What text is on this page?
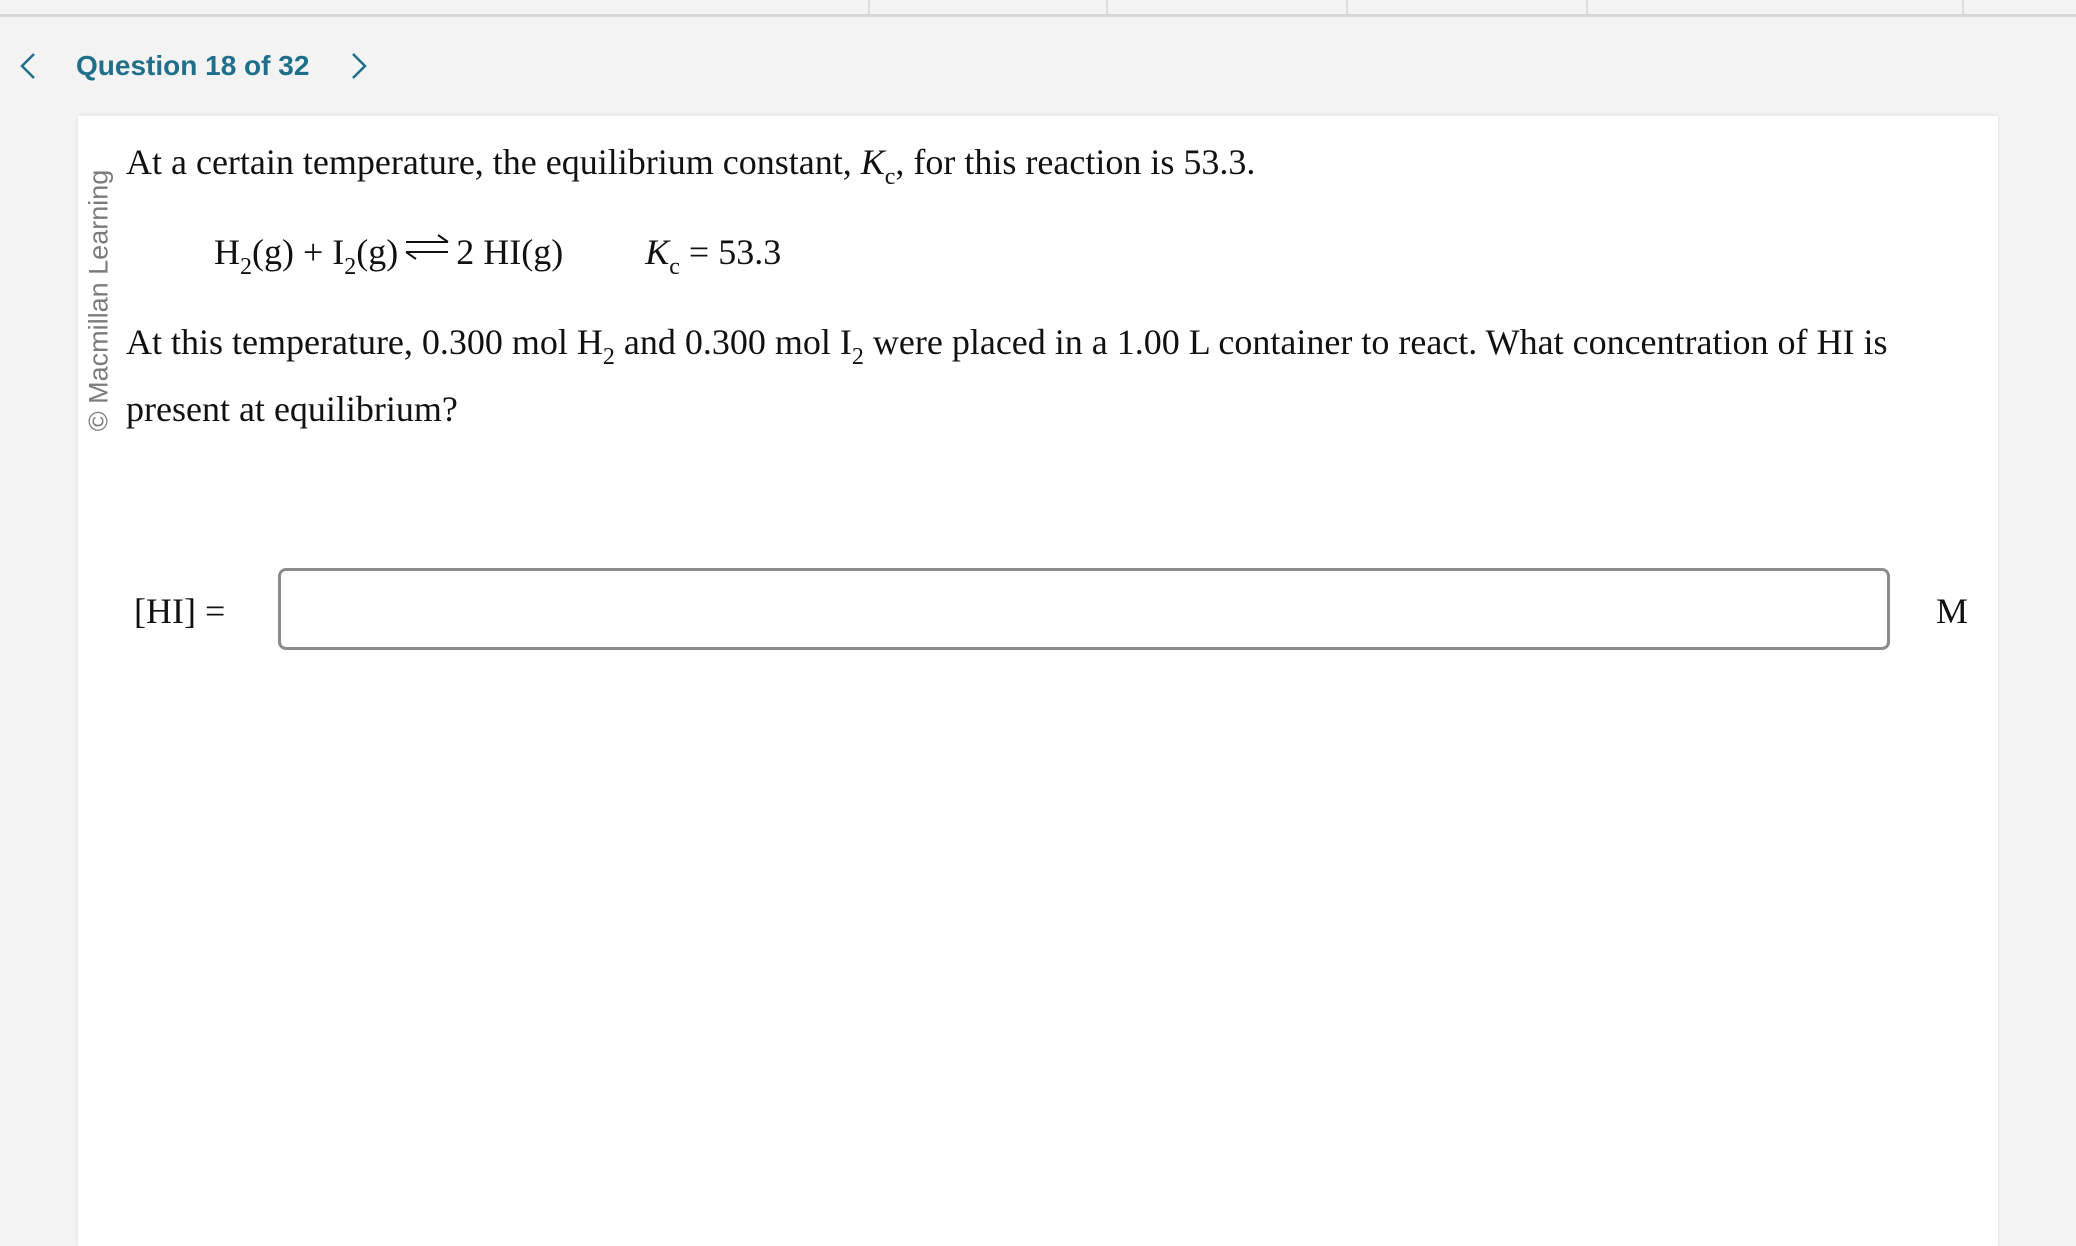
Question 18 of 32
© Macmillan Learning
At a certain temperature, the equilibrium constant, $K_c$, for this reaction is 53.3.
$H_2(g) + I_2(g)$ ⇌ 2 HI(g) $K_c = 53.3$
At this temperature, 0.300 mol $H_2$ and 0.300 mol $I_2$ were placed in a 1.00 L container to react. What concentration of HI is present at equilibrium?
[HI] =	M
